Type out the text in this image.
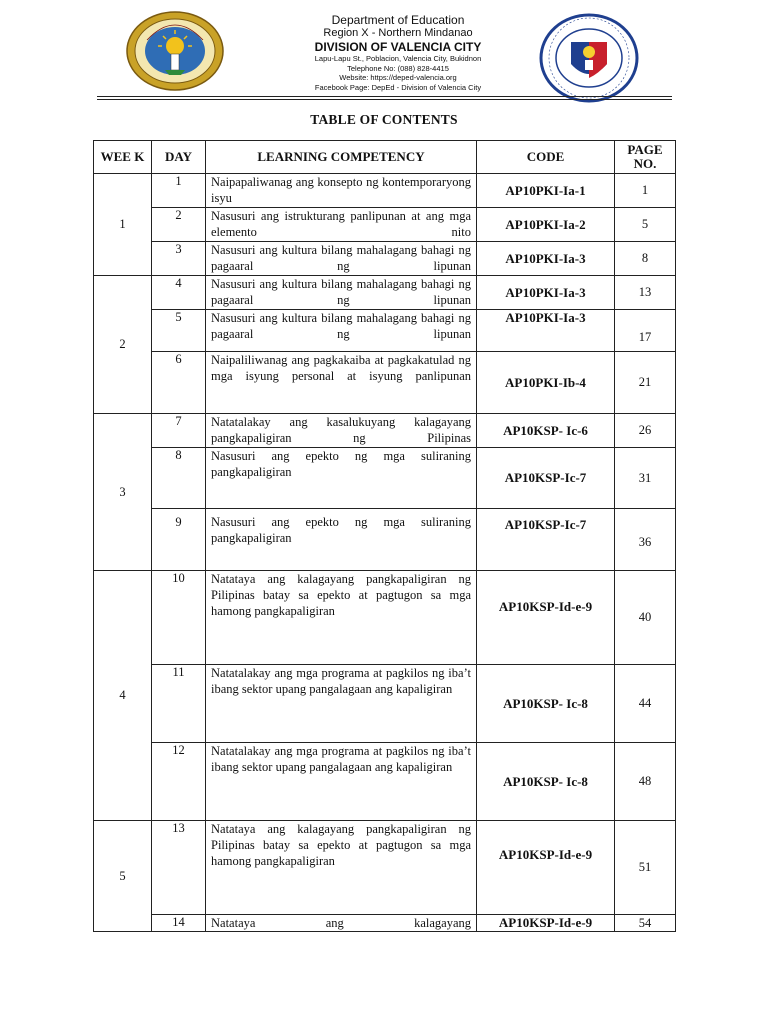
Department of Education
Region X - Northern Mindanao
DIVISION OF VALENCIA CITY
Lapu-Lapu St., Poblacion, Valencia City, Bukidnon
Telephone No: (088) 828-4415
Website: https://deped-valencia.org
Facebook Page: DepEd - Division of Valencia City
TABLE OF CONTENTS
WEE K	DAY	LEARNING COMPETENCY	CODE	PAGE NO.
1	1	Naipapaliwanag ang konsepto ng kontemporaryong isyu	AP10PKI-Ia-1	1
	2	Nasusuri ang istrukturang panlipunan at ang mga elemento nito	AP10PKI-Ia-2	5
	3	Nasusuri ang kultura bilang mahalagang bahagi ng pagaaral ng lipunan	AP10PKI-Ia-3	8
2	4	Nasusuri ang kultura bilang mahalagang bahagi ng pagaaral ng lipunan	AP10PKI-Ia-3	13
	5	Nasusuri ang kultura bilang mahalagang bahagi ng pagaaral ng lipunan	AP10PKI-Ia-3	17
	6	Naipaliliwanag ang pagkakaiba at pagkakatulad ng mga isyung personal at isyung panlipunan	AP10PKI-Ib-4	21
3	7	Natatalakay ang kasalukuyang kalagayang pangkapaligiran ng Pilipinas	AP10KSP- Ic-6	26
	8	Nasusuri ang epekto ng mga suliraning pangkapaligiran	AP10KSP-Ic-7	31
	9	Nasusuri ang epekto ng mga suliraning pangkapaligiran	AP10KSP-Ic-7	36
4	10	Natataya ang kalagayang pangkapaligiran ng Pilipinas batay sa epekto at pagtugon sa mga hamong pangkapaligiran	AP10KSP-Id-e-9	40
	11	Natatalakay ang mga programa at pagkilos ng iba’t ibang sektor upang pangalagaan ang kapaligiran	AP10KSP- Ic-8	44
	12	Natatalakay ang mga programa at pagkilos ng iba’t ibang sektor upang pangalagaan ang kapaligiran	AP10KSP- Ic-8	48
5	13	Natataya ang kalagayang pangkapaligiran ng Pilipinas batay sa epekto at pagtugon sa mga hamong pangkapaligiran	AP10KSP-Id-e-9	51
	14	Natataya ang kalagayang	AP10KSP-Id-e-9	54
